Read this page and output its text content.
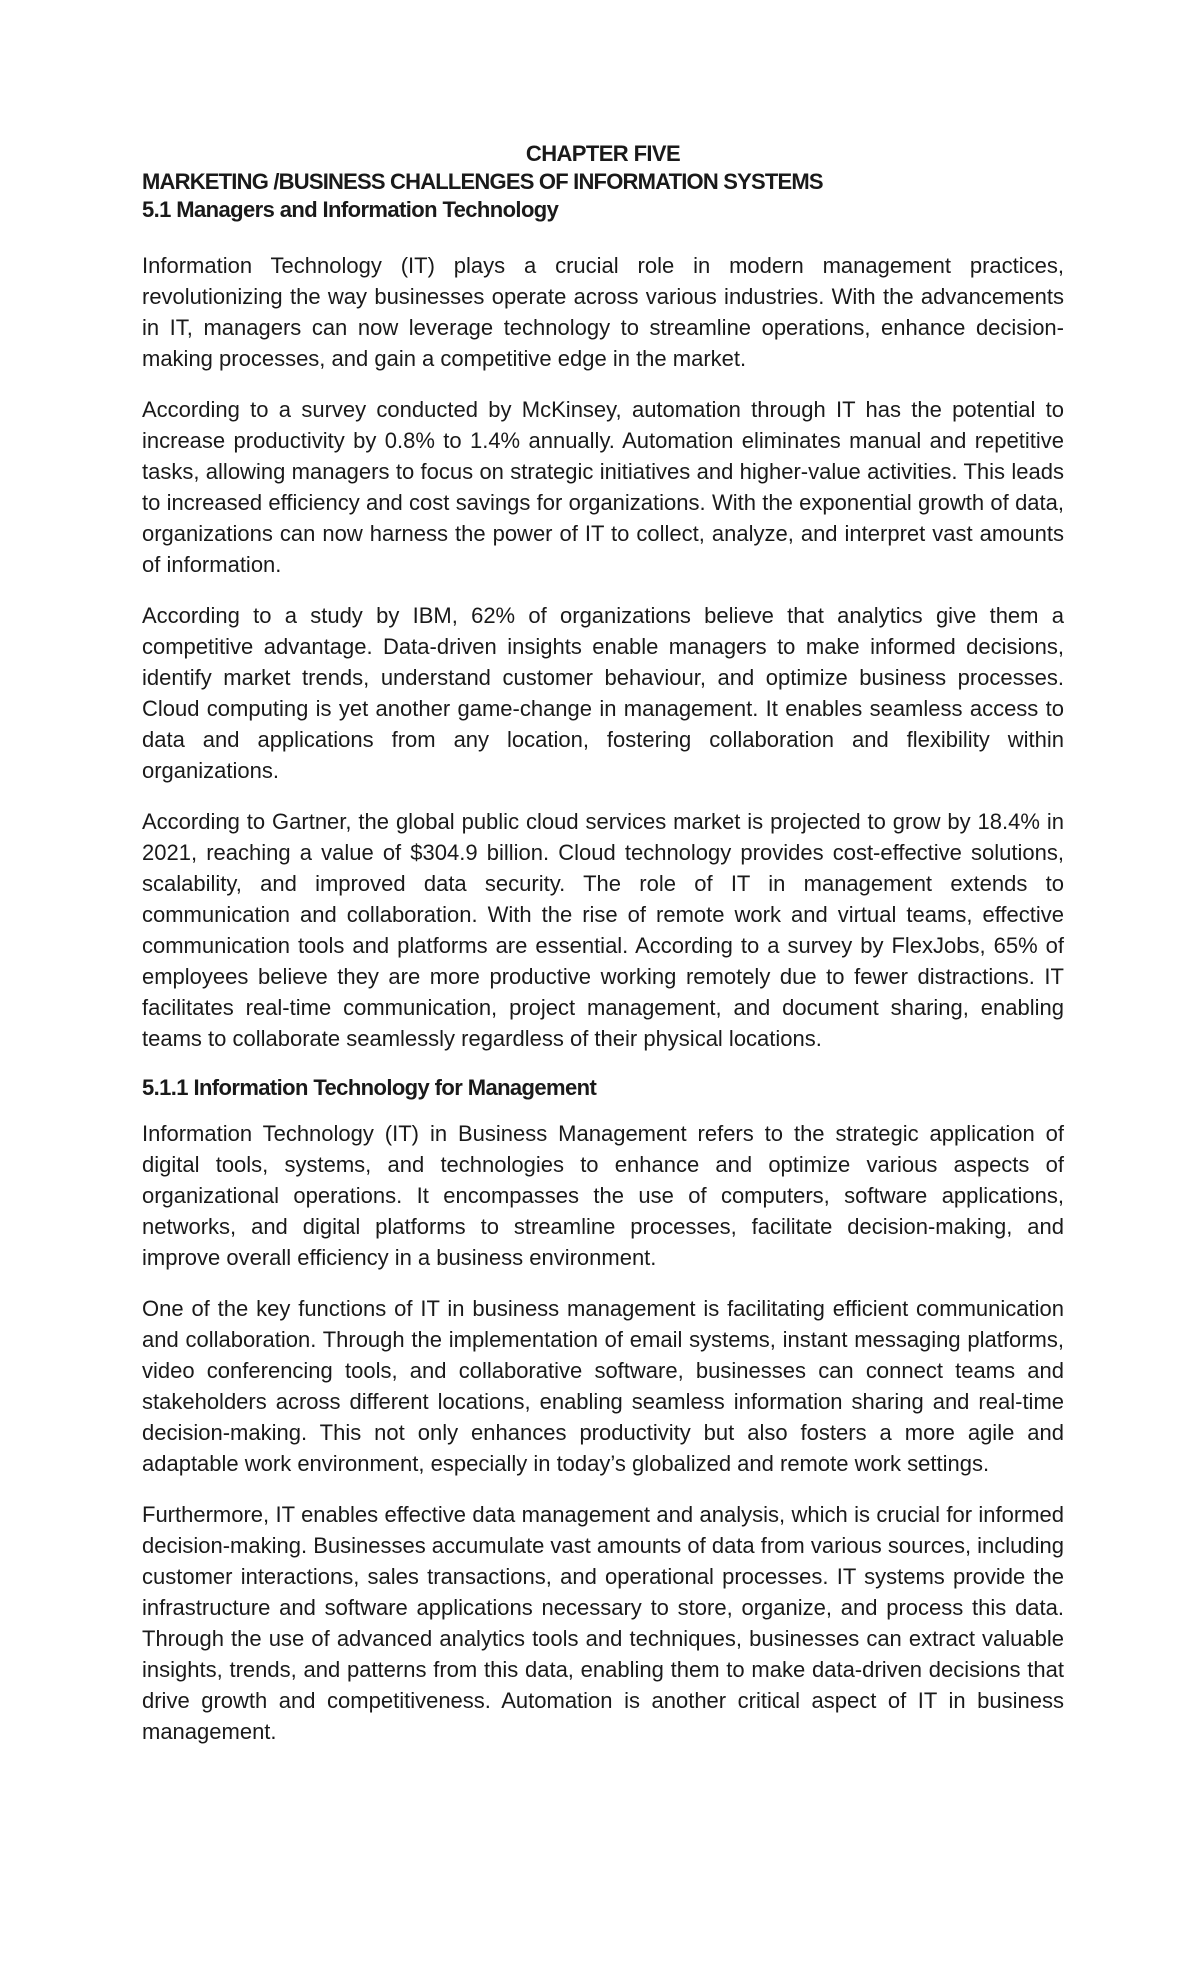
CHAPTER FIVE
MARKETING /BUSINESS CHALLENGES OF INFORMATION SYSTEMS
5.1 Managers and Information Technology

Information Technology (IT) plays a crucial role in modern management practices, revolutionizing the way businesses operate across various industries. With the advancements in IT, managers can now leverage technology to streamline operations, enhance decision-making processes, and gain a competitive edge in the market.

According to a survey conducted by McKinsey, automation through IT has the potential to increase productivity by 0.8% to 1.4% annually. Automation eliminates manual and repetitive tasks, allowing managers to focus on strategic initiatives and higher-value activities. This leads to increased efficiency and cost savings for organizations. With the exponential growth of data, organizations can now harness the power of IT to collect, analyze, and interpret vast amounts of information.

According to a study by IBM, 62% of organizations believe that analytics give them a competitive advantage. Data-driven insights enable managers to make informed decisions, identify market trends, understand customer behaviour, and optimize business processes. Cloud computing is yet another game-change in management. It enables seamless access to data and applications from any location, fostering collaboration and flexibility within organizations.

According to Gartner, the global public cloud services market is projected to grow by 18.4% in 2021, reaching a value of $304.9 billion. Cloud technology provides cost-effective solutions, scalability, and improved data security. The role of IT in management extends to communication and collaboration. With the rise of remote work and virtual teams, effective communication tools and platforms are essential. According to a survey by FlexJobs, 65% of employees believe they are more productive working remotely due to fewer distractions. IT facilitates real-time communication, project management, and document sharing, enabling teams to collaborate seamlessly regardless of their physical locations.

5.1.1 Information Technology for Management

Information Technology (IT) in Business Management refers to the strategic application of digital tools, systems, and technologies to enhance and optimize various aspects of organizational operations. It encompasses the use of computers, software applications, networks, and digital platforms to streamline processes, facilitate decision-making, and improve overall efficiency in a business environment.

One of the key functions of IT in business management is facilitating efficient communication and collaboration. Through the implementation of email systems, instant messaging platforms, video conferencing tools, and collaborative software, businesses can connect teams and stakeholders across different locations, enabling seamless information sharing and real-time decision-making. This not only enhances productivity but also fosters a more agile and adaptable work environment, especially in today’s globalized and remote work settings.

Furthermore, IT enables effective data management and analysis, which is crucial for informed decision-making. Businesses accumulate vast amounts of data from various sources, including customer interactions, sales transactions, and operational processes. IT systems provide the infrastructure and software applications necessary to store, organize, and process this data. Through the use of advanced analytics tools and techniques, businesses can extract valuable insights, trends, and patterns from this data, enabling them to make data-driven decisions that drive growth and competitiveness. Automation is another critical aspect of IT in business management.
